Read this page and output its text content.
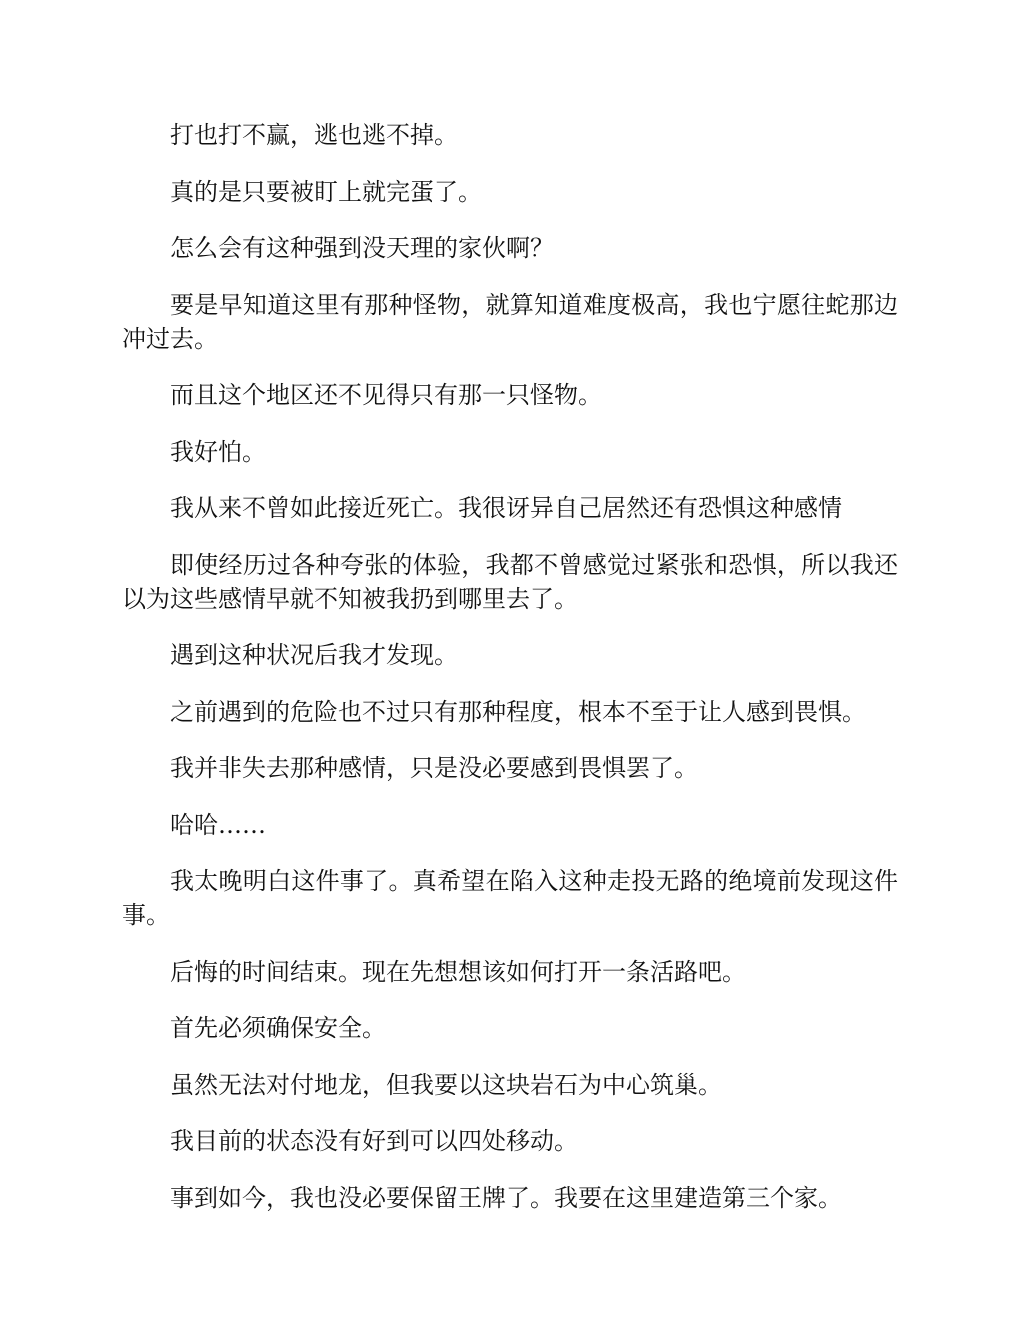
打也打不赢，逃也逃不掉。

真的是只要被盯上就完蛋了。

怎么会有这种强到没天理的家伙啊？

要是早知道这里有那种怪物，就算知道难度极高，我也宁愿往蛇那边冲过去。

而且这个地区还不见得只有那一只怪物。

我好怕。

我从来不曾如此接近死亡。我很讶异自己居然还有恐惧这种感情

即使经历过各种夸张的体验，我都不曾感觉过紧张和恐惧，所以我还以为这些感情早就不知被我扔到哪里去了。

遇到这种状况后我才发现。

之前遇到的危险也不过只有那种程度，根本不至于让人感到畏惧。

我并非失去那种感情，只是没必要感到畏惧罢了。

哈哈……

我太晚明白这件事了。真希望在陷入这种走投无路的绝境前发现这件事。

后悔的时间结束。现在先想想该如何打开一条活路吧。

首先必须确保安全。

虽然无法对付地龙，但我要以这块岩石为中心筑巢。

我目前的状态没有好到可以四处移动。

事到如今，我也没必要保留王牌了。我要在这里建造第三个家。
